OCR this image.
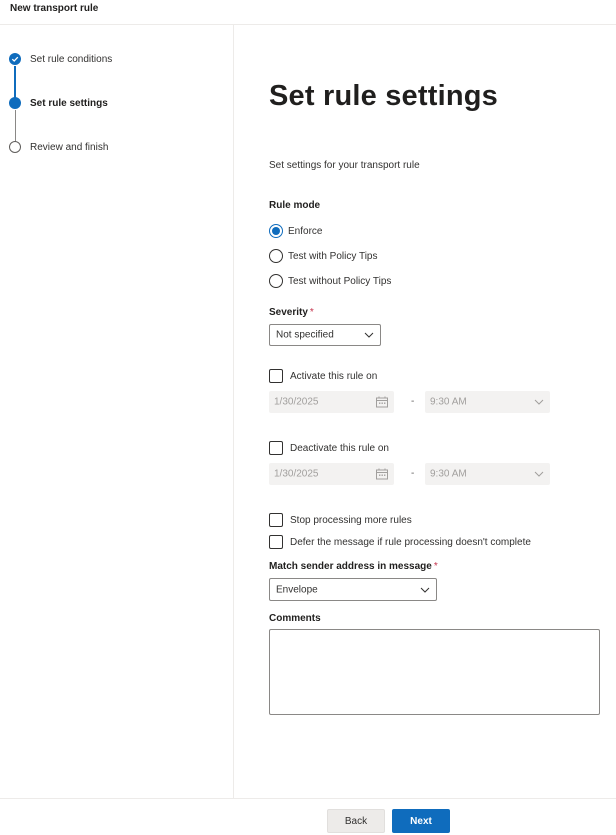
New transport rule
Set rule conditions
Set rule settings
Review and finish
Set rule settings
Set settings for your transport rule
Rule mode
Enforce
Test with Policy Tips
Test without Policy Tips
Severity *
Not specified
Activate this rule on
1/30/2025	- 9:30 AM
Deactivate this rule on
1/30/2025	- 9:30 AM
Stop processing more rules
Defer the message if rule processing doesn't complete
Match sender address in message *
Envelope
Comments
Back	Next
